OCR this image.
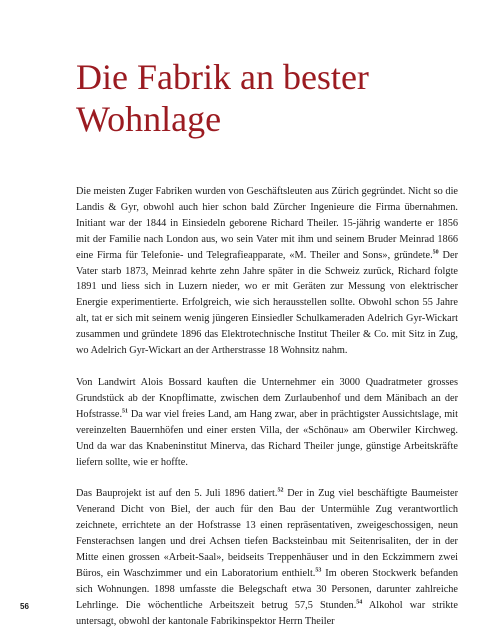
Die Fabrik an bester Wohnlage

Die meisten Zuger Fabriken wurden von Geschäftsleuten aus Zürich gegründet. Nicht so die Landis & Gyr, obwohl auch hier schon bald Zürcher Ingenieure die Firma übernahmen. Initiant war der 1844 in Einsiedeln geborene Richard Theiler. 15-jährig wanderte er 1856 mit der Familie nach London aus, wo sein Vater mit ihm und seinem Bruder Meinrad 1866 eine Firma für Telefonie- und Telegrafieapparate, «M. Theiler and Sons», gründete.$^{50}$ Der Vater starb 1873, Meinrad kehrte zehn Jahre später in die Schweiz zurück, Richard folgte 1891 und liess sich in Luzern nieder, wo er mit Geräten zur Messung von elektrischer Energie experimentierte. Erfolgreich, wie sich herausstellen sollte. Obwohl schon 55 Jahre alt, tat er sich mit seinem wenig jüngeren Einsiedler Schulkameraden Adelrich Gyr-Wickart zusammen und gründete 1896 das Elektrotechnische Institut Theiler & Co. mit Sitz in Zug, wo Adelrich Gyr-Wickart an der Artherstrasse 18 Wohnsitz nahm.

Von Landwirt Alois Bossard kauften die Unternehmer ein 3000 Quadratmeter grosses Grundstück ab der Knopflimatte, zwischen dem Zurlaubenhof und dem Mänibach an der Hofstrasse.$^{51}$ Da war viel freies Land, am Hang zwar, aber in prächtigster Aussichtslage, mit vereinzelten Bauernhöfen und einer ersten Villa, der «Schönau» am Oberwiler Kirchweg. Und da war das Knabeninstitut Minerva, das Richard Theiler junge, günstige Arbeitskräfte liefern sollte, wie er hoffte.

Das Bauprojekt ist auf den 5. Juli 1896 datiert.$^{52}$ Der in Zug viel beschäftigte Baumeister Venerand Dicht von Biel, der auch für den Bau der Untermühle Zug verantwortlich zeichnete, errichtete an der Hofstrasse 13 einen repräsentativen, zweigeschossigen, neun Fensterachsen langen und drei Achsen tiefen Backsteinbau mit Seitenrisaliten, der in der Mitte einen grossen «Arbeit-Saal», beidseits Treppenhäuser und in den Eckzimmern zwei Büros, ein Waschzimmer und ein Laboratorium enthielt.$^{53}$ Im oberen Stockwerk befanden sich Wohnungen. 1898 umfasste die Belegschaft etwa 30 Personen, darunter zahlreiche Lehrlinge. Die wöchentliche Arbeitszeit betrug 57,5 Stunden.$^{54}$ Alkohol war strikte untersagt, obwohl der kantonale Fabrikinspektor Herrn Theiler

56
